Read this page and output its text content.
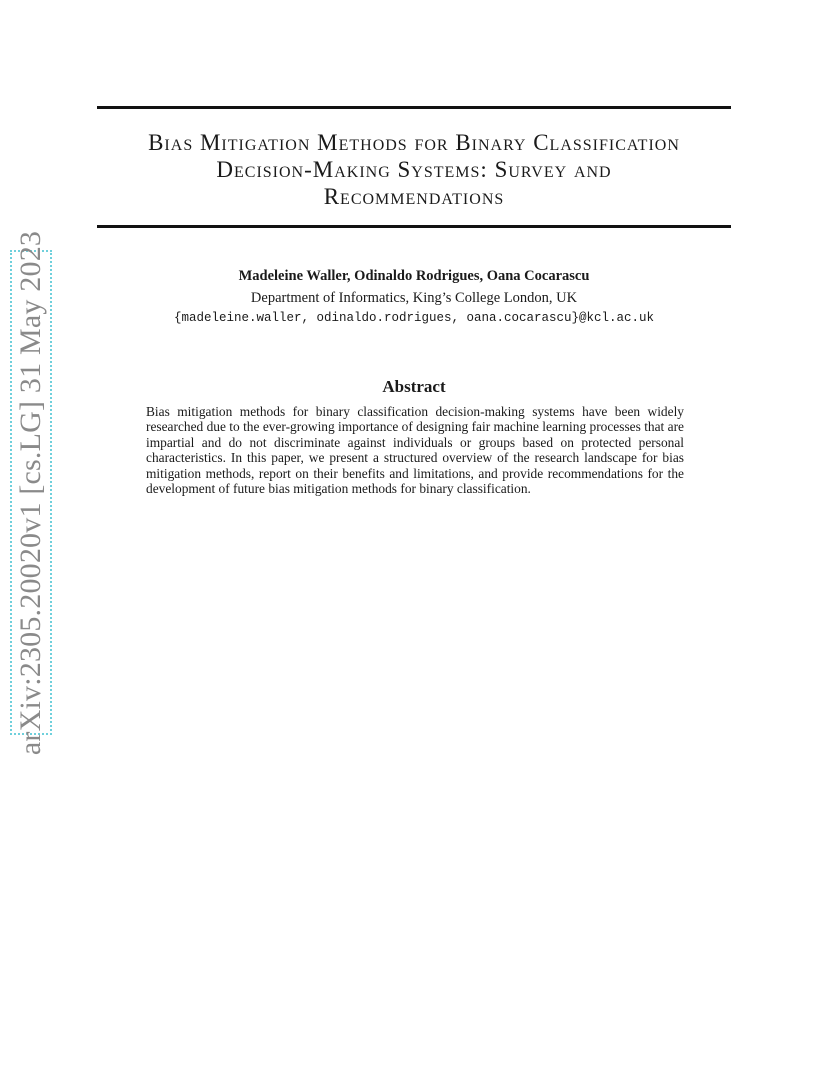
arXiv:2305.20020v1 [cs.LG] 31 May 2023
Bias Mitigation Methods for Binary Classification
Decision-Making Systems: Survey and
Recommendations
Madeleine Waller, Odinaldo Rodrigues, Oana Cocarascu
Department of Informatics, King’s College London, UK
{madeleine.waller, odinaldo.rodrigues, oana.cocarascu}@kcl.ac.uk
Abstract
Bias mitigation methods for binary classification decision-making systems have been widely researched due to the ever-growing importance of designing fair machine learning processes that are impartial and do not discriminate against individuals or groups based on protected personal characteristics. In this paper, we present a structured overview of the research landscape for bias mitigation methods, report on their benefits and limitations, and provide recommendations for the development of future bias mitigation methods for binary classification.
